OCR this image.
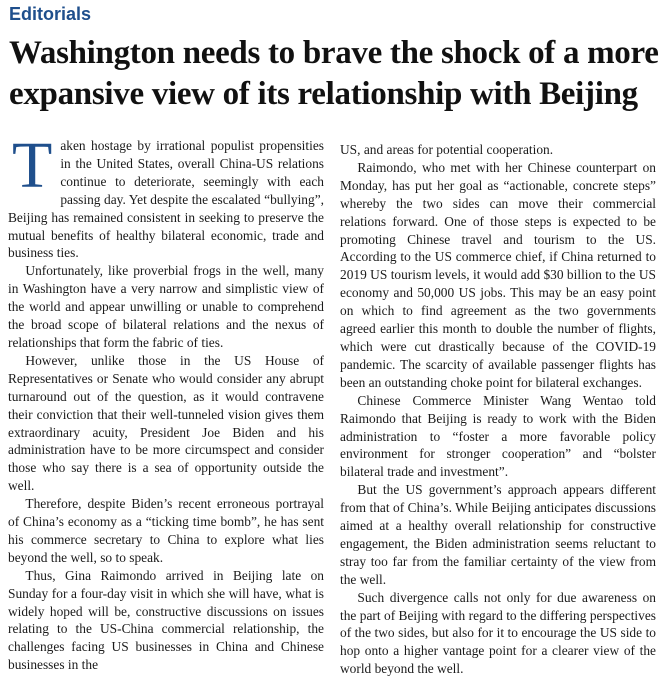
Editorials
Washington needs to brave the shock of a more
expansive view of its relationship with Beijing

Taken hostage by irrational populist propensities in the United States, overall China-US relations continue to deteriorate, seemingly with each passing day. Yet despite the escalated “bullying”, Beijing has remained consistent in seeking to preserve the mutual benefits of healthy bilateral economic, trade and business ties.

Unfortunately, like proverbial frogs in the well, many in Washington have a very narrow and simplistic view of the world and appear unwilling or unable to comprehend the broad scope of bilateral relations and the nexus of relationships that form the fabric of ties.

However, unlike those in the US House of Representatives or Senate who would consider any abrupt turnaround out of the question, as it would contravene their conviction that their well-tunneled vision gives them extraordinary acuity, President Joe Biden and his administration have to be more circumspect and consider those who say there is a sea of opportunity outside the well.

Therefore, despite Biden’s recent erroneous portrayal of China’s economy as a “ticking time bomb”, he has sent his commerce secretary to China to explore what lies beyond the well, so to speak.

Thus, Gina Raimondo arrived in Beijing late on Sunday for a four-day visit in which she will have, what is widely hoped will be, constructive discussions on issues relating to the US-China commercial relationship, the challenges facing US businesses in China and Chinese businesses in the

US, and areas for potential cooperation.

Raimondo, who met with her Chinese counterpart on Monday, has put her goal as “actionable, concrete steps” whereby the two sides can move their commercial relations forward. One of those steps is expected to be promoting Chinese travel and tourism to the US. According to the US commerce chief, if China returned to 2019 US tourism levels, it would add $30 billion to the US economy and 50,000 US jobs. This may be an easy point on which to find agreement as the two governments agreed earlier this month to double the number of flights, which were cut drastically because of the COVID-19 pandemic. The scarcity of available passenger flights has been an outstanding choke point for bilateral exchanges.

Chinese Commerce Minister Wang Wentao told Raimondo that Beijing is ready to work with the Biden administration to “foster a more favorable policy environment for stronger cooperation” and “bolster bilateral trade and investment”.

But the US government’s approach appears different from that of China’s. While Beijing anticipates discussions aimed at a healthy overall relationship for constructive engagement, the Biden administration seems reluctant to stray too far from the familiar certainty of the view from the well.

Such divergence calls not only for due awareness on the part of Beijing with regard to the differing perspectives of the two sides, but also for it to encourage the US side to hop onto a higher vantage point for a clearer view of the world beyond the well.
